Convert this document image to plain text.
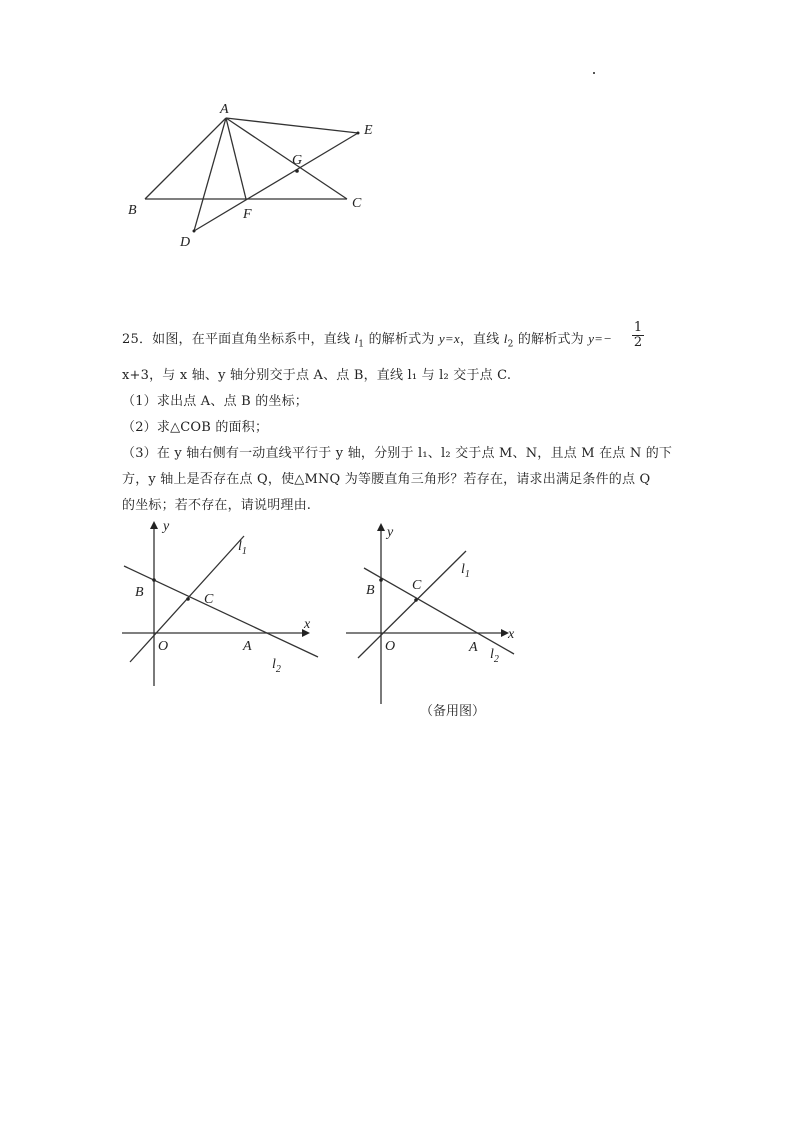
A
E
G
B	F
C
D
25．如图，在平面直角坐标系中，直线 $l_1$ 的解析式为 y=x，直线 $l_2$ 的解析式为 y=−
1
2
x+3，与 x 轴、y 轴分别交于点 A、点 B，直线 l₁ 与 l₂ 交于点 C.
（1）求出点 A、点 B 的坐标；
（2）求△COB 的面积；
（3）在 y 轴右侧有一动直线平行于 y 轴，分别于 l₁、l₂ 交于点 M、N，且点 M 在点 N 的下
方，y 轴上是否存在点 Q，使△MNQ 为等腰直角三角形？若存在，请求出满足条件的点 Q
的坐标；若不存在，请说明理由.
y
x
$l_1$
$l_2$
B	C
O	A
y
x
$l_1$
$l_2$
B	C
O	A
（备用图）
